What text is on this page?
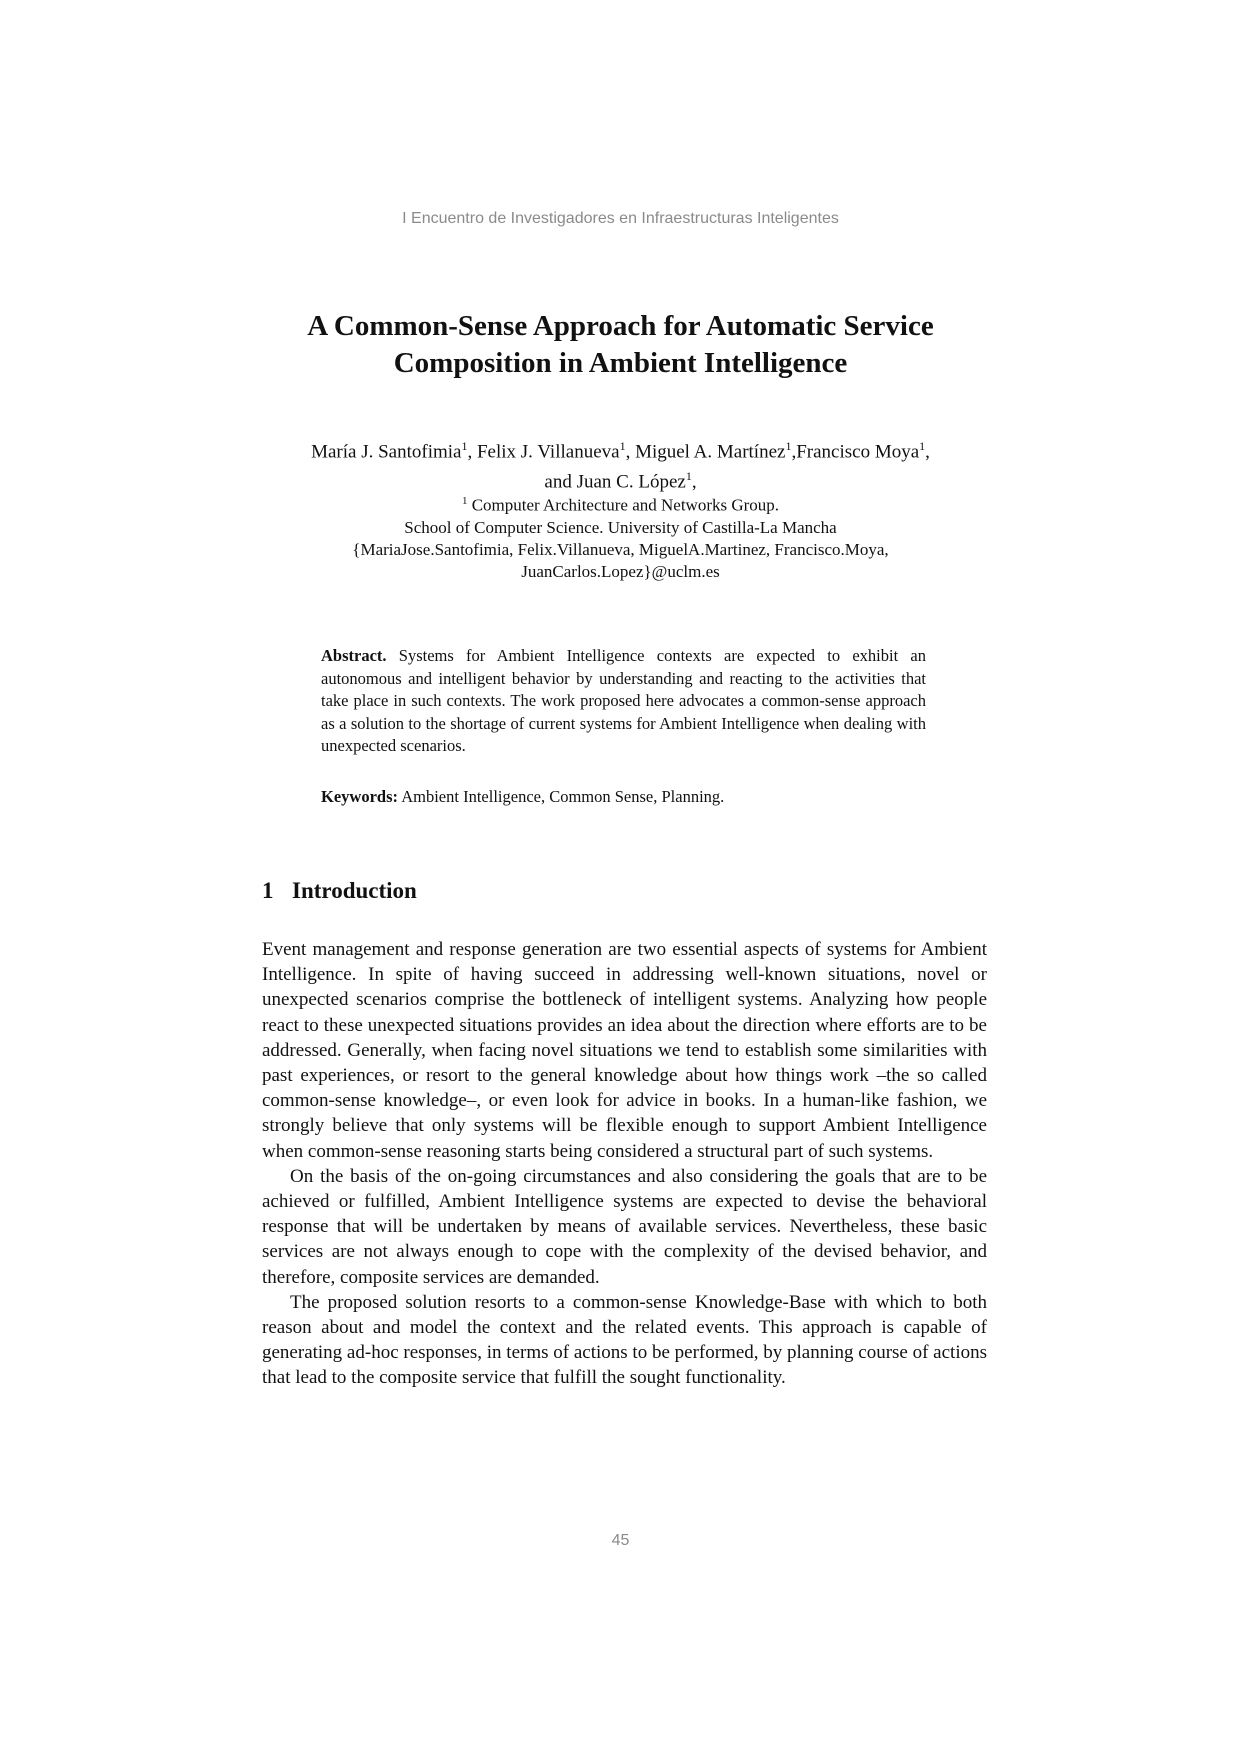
I Encuentro de Investigadores en Infraestructuras Inteligentes
A Common-Sense Approach for Automatic Service
Composition in Ambient Intelligence
María J. Santofimia$^1$, Felix J. Villanueva$^1$, Miguel A. Martínez$^1$,Francisco Moya$^1$,
and Juan C. López$^1$,
$^1$ Computer Architecture and Networks Group.
School of Computer Science. University of Castilla-La Mancha
{MariaJose.Santofimia, Felix.Villanueva, MiguelA.Martinez, Francisco.Moya,
JuanCarlos.Lopez}@uclm.es
Abstract. Systems for Ambient Intelligence contexts are expected to exhibit an autonomous and intelligent behavior by understanding and reacting to the activities that take place in such contexts. The work proposed here advocates a common-sense approach as a solution to the shortage of current systems for Ambient Intelligence when dealing with unexpected scenarios.
Keywords: Ambient Intelligence, Common Sense, Planning.
1 Introduction

Event management and response generation are two essential aspects of systems for Ambient Intelligence. In spite of having succeed in addressing well-known situations, novel or unexpected scenarios comprise the bottleneck of intelligent systems. Analyzing how people react to these unexpected situations provides an idea about the direction where efforts are to be addressed. Generally, when facing novel situations we tend to establish some similarities with past experiences, or resort to the general knowledge about how things work –the so called common-sense knowledge–, or even look for advice in books. In a human-like fashion, we strongly believe that only systems will be flexible enough to support Ambient Intelligence when common-sense reasoning starts being considered a structural part of such systems.

On the basis of the on-going circumstances and also considering the goals that are to be achieved or fulfilled, Ambient Intelligence systems are expected to devise the behavioral response that will be undertaken by means of available services. Nevertheless, these basic services are not always enough to cope with the complexity of the devised behavior, and therefore, composite services are demanded.

The proposed solution resorts to a common-sense Knowledge-Base with which to both reason about and model the context and the related events. This approach is capable of generating ad-hoc responses, in terms of actions to be performed, by planning course of actions that lead to the composite service that fulfill the sought functionality.

45
